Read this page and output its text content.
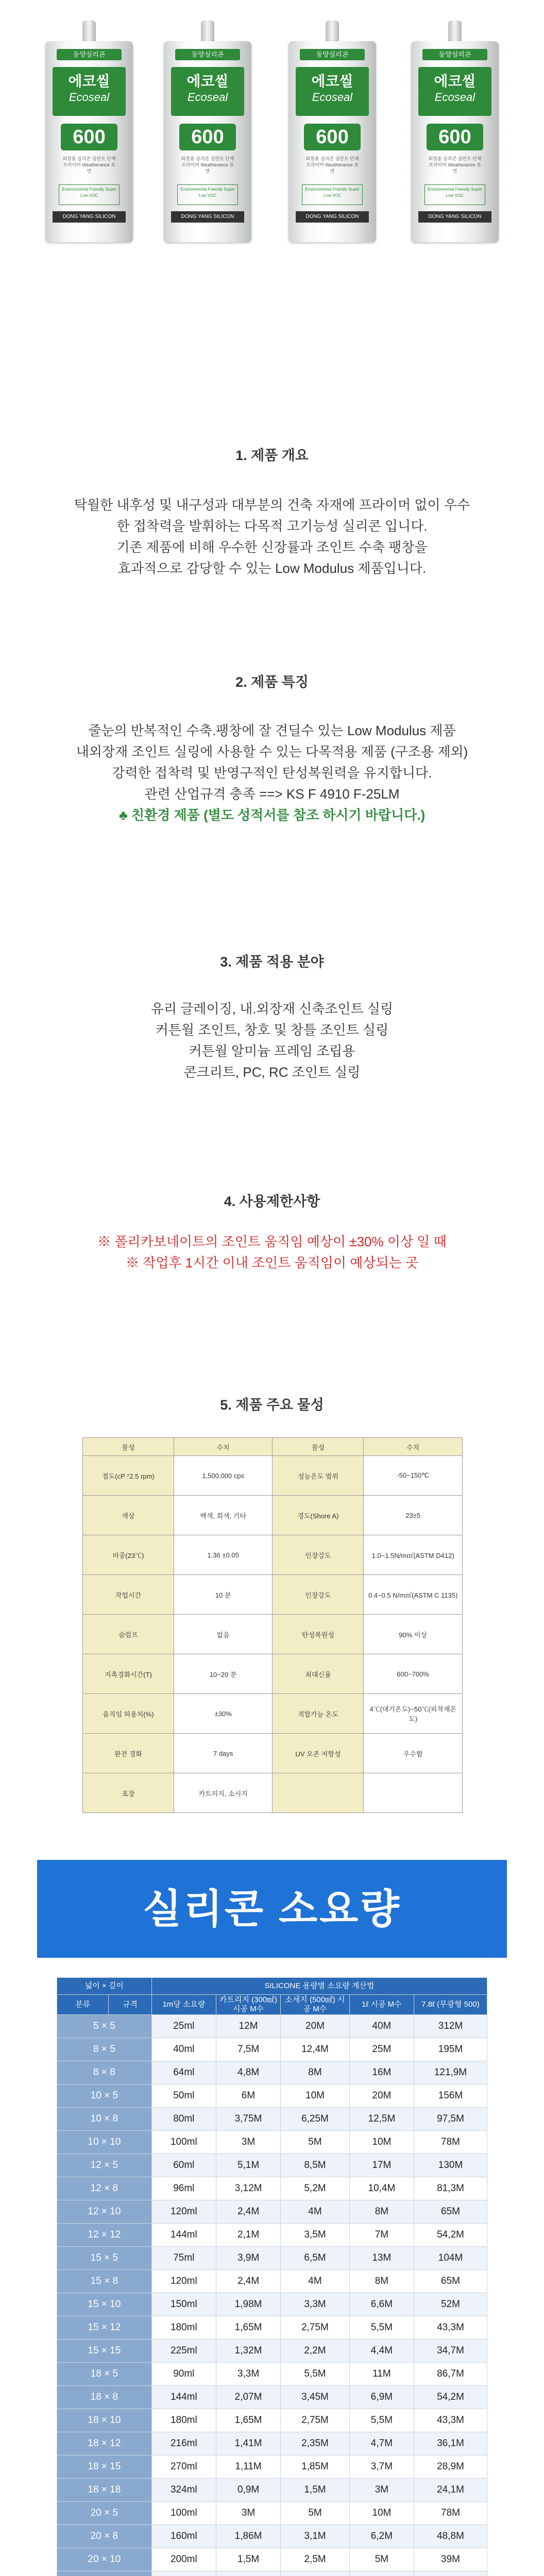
동양실리콘
에코씰
Ecoseal
600
외장용 실리콘 실란트 단체 프라이머 Weatherance 표면
Environmental Friendly Super Low VOC
DONG YANG SILICON
동양실리콘
에코씰
Ecoseal
600
외장용 실리콘 실란트 단체 프라이머 Weatherance 표면
Environmental Friendly Super Low VOC
DONG YANG SILICON
동양실리콘
에코씰
Ecoseal
600
외장용 실리콘 실란트 단체 프라이머 Weatherance 표면
Environmental Friendly Super Low VOC
DONG YANG SILICON
동양실리콘
에코씰
Ecoseal
600
외장용 실리콘 실란트 단체 프라이머 Weatherance 표면
Environmental Friendly Super Low VOC
DONG YANG SILICON
1. 제품 개요
탁월한 내후성 및 내구성과 대부분의 건축 자재에 프라이머 없이 우수
한 접착력을 발휘하는 다목적 고기능성 실리콘 입니다.
기존 제품에 비해 우수한 신장률과 조인트 수축 팽창을
효과적으로 감당할 수 있는 Low Modulus 제품입니다.
2. 제품 특징
줄눈의 반복적인 수축.팽창에 잘 견딜수 있는 Low Modulus 제품
내외장재 조인트 실링에 사용할 수 있는 다목적용 제품 (구조용 제외)
강력한 접착력 및 반영구적인 탄성복원력을 유지합니다.
관련 산업규격 충족 ==> KS F 4910 F-25LM
♣ 친환경 제품 (별도 성적서를 참조 하시기 바랍니다.)
3. 제품 적용 분야
유리 글레이징, 내.외장재 신축조인트 실링
커튼월 조인트, 창호 및 창틀 조인트 실링
커튼월 알미늄 프레임 조립용
콘크리트, PC, RC 조인트 실링
4. 사용제한사항
※ 폴리카보네이트의 조인트 움직임 예상이 ±30% 이상 일 때
※ 작업후 1시간 이내 조인트 움직임이 예상되는 곳
5. 제품 주요 물성
물성	수치	물성	수치
점도(cP °2.5 rpm)	1,500,000 cps	성능온도 범위	-50~150℃
색상	백색, 회색, 기타	경도(Shore A)	23±5
비중(23℃)	1.36 ±0.05	인장강도	1.0~1.5N/m㎡(ASTM D412)
작업시간	10 분	인장강도	0.4~0.5 N/m㎡(ASTM C 1135)
슬럼프	없음	탄성복원성	90% 이상
지촉경화시간(T)	10~20 분	최대신율	600~700%
움직임 허용치(%)	±30%	적합가능 온도	4℃(대기온도)~50℃(피착재온도)
완전 경화	7 days	UV 오존 저항성	우수함
포장	카트리지, 소시지		
실리콘 소요량
넓이 × 깊이		SILICONE 용량별 소요량 계산법				
분류	규격	1m당 소요량	카트리지 (300㎖) 시공 M수	소세지 (500㎖) 시공 M수	1ℓ 시공 M수	7.8ℓ (무광형 500)
5 × 5		25ml	12M	20M	40M	312M
8 × 5		40ml	7,5M	12,4M	25M	195M
8 × 8		64ml	4,8M	8M	16M	121,9M
10 × 5		50ml	6M	10M	20M	156M
10 × 8		80ml	3,75M	6,25M	12,5M	97,5M
10 × 10		100ml	3M	5M	10M	78M
12 × 5		60ml	5,1M	8,5M	17M	130M
12 × 8		96ml	3,12M	5,2M	10,4M	81,3M
12 × 10		120ml	2,4M	4M	8M	65M
12 × 12		144ml	2,1M	3,5M	7M	54,2M
15 × 5		75ml	3,9M	6,5M	13M	104M
15 × 8		120ml	2,4M	4M	8M	65M
15 × 10		150ml	1,98M	3,3M	6,6M	52M
15 × 12		180ml	1,65M	2,75M	5,5M	43,3M
15 × 15		225ml	1,32M	2,2M	4,4M	34,7M
18 × 5		90ml	3,3M	5,5M	11M	86,7M
18 × 8		144ml	2,07M	3,45M	6,9M	54,2M
18 × 10		180ml	1,65M	2,75M	5,5M	43,3M
18 × 12		216ml	1,41M	2,35M	4,7M	36,1M
18 × 15		270ml	1,11M	1,85M	3,7M	28,9M
18 × 18		324ml	0,9M	1,5M	3M	24,1M
20 × 5		100ml	3M	5M	10M	78M
20 × 8		160ml	1,86M	3,1M	6,2M	48,8M
20 × 10		200ml	1,5M	2,5M	5M	39M
